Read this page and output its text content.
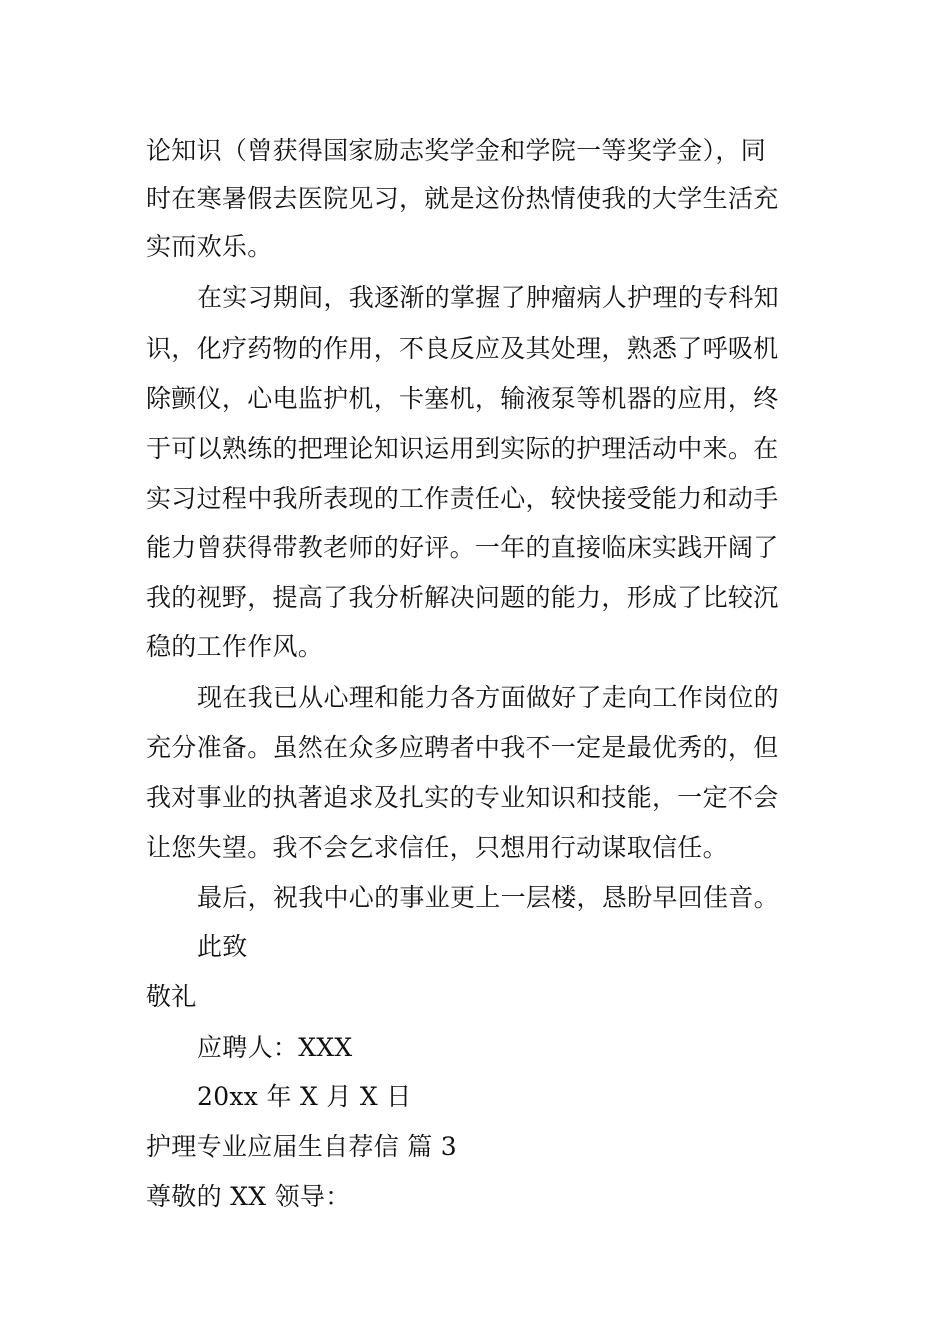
论知识（曾获得国家励志奖学金和学院一等奖学金），同
时在寒暑假去医院见习，就是这份热情使我的大学生活充
实而欢乐。
在实习期间，我逐渐的掌握了肿瘤病人护理的专科知
识，化疗药物的作用，不良反应及其处理，熟悉了呼吸机
除颤仪，心电监护机，卡塞机，输液泵等机器的应用，终
于可以熟练的把理论知识运用到实际的护理活动中来。在
实习过程中我所表现的工作责任心，较快接受能力和动手
能力曾获得带教老师的好评。一年的直接临床实践开阔了
我的视野，提高了我分析解决问题的能力，形成了比较沉
稳的工作作风。
现在我已从心理和能力各方面做好了走向工作岗位的
充分准备。虽然在众多应聘者中我不一定是最优秀的，但
我对事业的执著追求及扎实的专业知识和技能，一定不会
让您失望。我不会乞求信任，只想用行动谋取信任。
最后，祝我中心的事业更上一层楼，恳盼早回佳音。
此致
敬礼
应聘人：XXX
20xx 年 X 月 X 日
护理专业应届生自荐信 篇 3
尊敬的 XX 领导：
